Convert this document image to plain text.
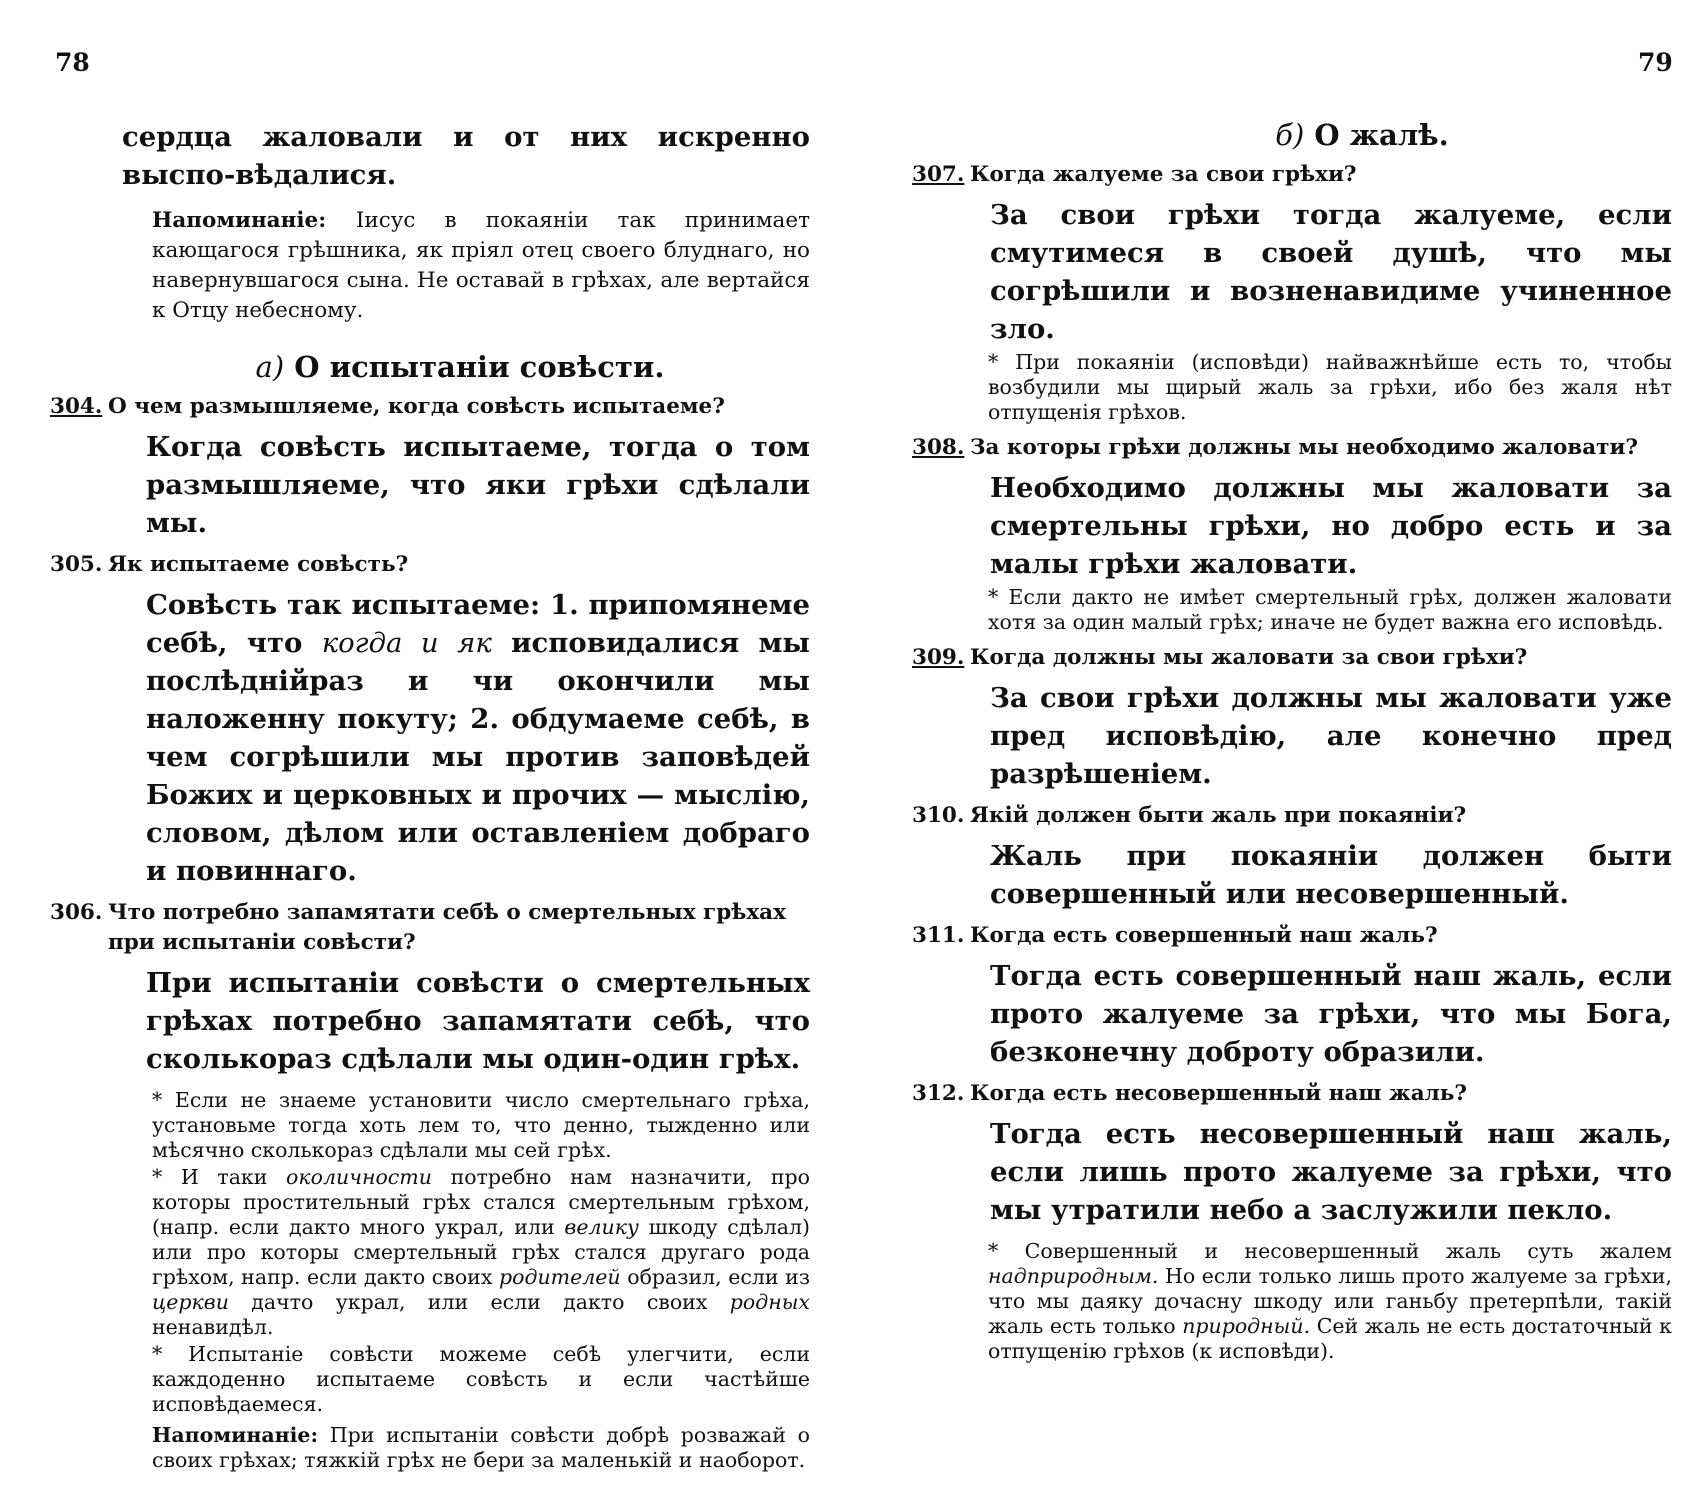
78	79

сердца жаловали и от них искренно выспо-вѣдалися.

Напоминаніе: Іисус в покаяніи так принимает кающагося грѣшника, як пріял отец своего блуднаго, но навернувшагося сына. Не оставай в грѣхах, але вертайся к Отцу небесному.

а) О испытаніи совѣсти.

304. О чем размышляеме, когда совѣсть испытаеме?

Когда совѣсть испытаеме, тогда о том размышляеме, что яки грѣхи сдѣлали мы.

305. Як испытаеме совѣсть?

Совѣсть так испытаеме: 1. припомянеме себѣ, что когда и як исповидалися мы послѣднiйраз и чи окончили мы наложенну покуту; 2. обдумаеме себѣ, в чем согрѣшили мы против заповѣдей Божих и церковных и прочих — мыслію, словом, дѣлом или оставленіем добраго и повиннаго.

306. Что потребно запамятати себѣ о смертельных грѣхах при испытаніи совѣсти?

При испытаніи совѣсти о смертельных грѣхах потребно запамятати себѣ, что сколькораз сдѣлали мы один-один грѣх.

* Если не знаеме установити число смертельнаго грѣха, установьме тогда хоть лем то, что денно, тыжденно или мѣсячно сколькораз сдѣлали мы сей грѣх.

* И таки околичности потребно нам назначити, про которы простительный грѣх стался смертельным грѣхом, (напр. если дакто много украл, или велику шкоду сдѣлал) или про которы смертельный грѣх стался другаго рода грѣхом, напр. если дакто своих родителей образил, если из церкви дачто украл, или если дакто своих родных ненавидѣл.

* Испытаніе совѣсти можеме себѣ улегчити, если каждоденно испытаеме совѣсть и если частѣйше исповѣдаемеся.

Напоминаніе: При испытаніи совѣсти добрѣ розважай о своих грѣхах; тяжкій грѣх не бери за маленькій и наоборот.

б) О жалѣ.

307. Когда жалуеме за свои грѣхи?

За свои грѣхи тогда жалуеме, если смутимеся в своей душѣ, что мы согрѣшили и возненавидиме учиненное зло.

* При покаяніи (исповѣди) найважнѣйше есть то, чтобы возбудили мы щирый жаль за грѣхи, ибо без жаля нѣт отпущенія грѣхов.

308. За которы грѣхи должны мы необходимо жаловати?

Необходимо должны мы жаловати за смертельны грѣхи, но добро есть и за малы грѣхи жаловати.

* Если дакто не имѣет смертельный грѣх, должен жаловати хотя за один малый грѣх; иначе не будет важна его исповѣдь.

309. Когда должны мы жаловати за свои грѣхи?

За свои грѣхи должны мы жаловати уже пред исповѣдію, але конечно пред разрѣшеніем.

310. Якій должен быти жаль при покаяніи?

Жаль при покаяніи должен быти совершенный или несовершенный.

311. Когда есть совершенный наш жаль?

Тогда есть совершенный наш жаль, если прото жалуеме за грѣхи, что мы Бога, безконечну доброту образили.

312. Когда есть несовершенный наш жаль?

Тогда есть несовершенный наш жаль, если лишь прото жалуеме за грѣхи, что мы утратили небо а заслужили пекло.

* Совершенный и несовершенный жаль суть жалем надприродным. Но если только лишь прото жалуеме за грѣхи, что мы даяку дочасну шкоду или ганьбу претерпѣли, такій жаль есть только природный. Сей жаль не есть достаточный к отпущенію грѣхов (к исповѣди).
